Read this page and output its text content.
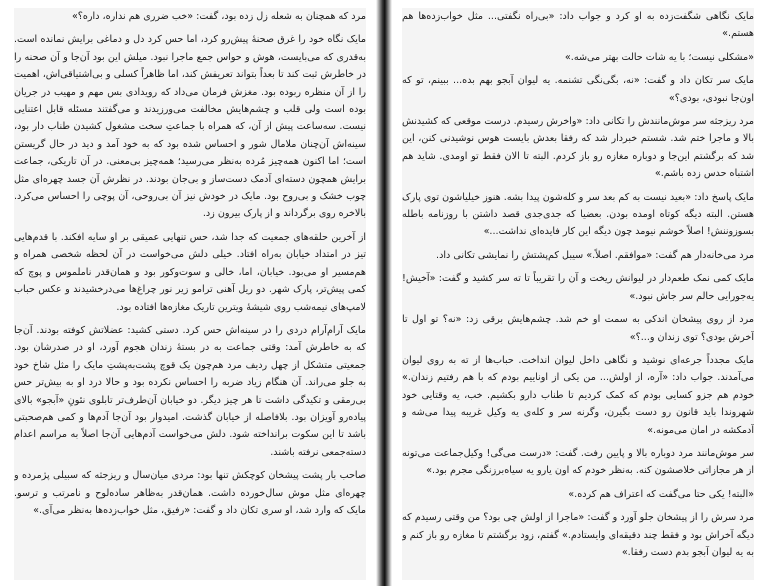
مرد که همچنان به شعله زل زده بود، گفت: «خب ضرری هم نداره، داره؟»

مایک نگاه خود را غرق صحنهٔ پیش‌رو کرد، اما حس کرد دل و دماغی برایش نمانده است. به‌قدری که می‌بایست، هوش و حواس جمع ماجرا نبود. میلش این بود آن‌جا و آن صحنه را در خاطرش ثبت کند تا بعداً بتواند تعریفش کند، اما ظاهراً کسلی و بی‌اشتیاقی‌اش، اهمیت را از آن منظره ربوده بود. مغزش فرمان می‌داد که رویدادی بس مهم و مهیب در جریان بوده است ولی قلب و چشم‌هایش مخالفت می‌ورزیدند و می‌گفتند مسئله قابل اعتنایی نیست. سه‌ساعت پیش از آن، که همراه با جماعتِ سخت مشغول کشیدن طناب دار بود، سینه‌اش آن‌چنان ملامال شور و احساس شده بود که به خود آمد و دید در حال گریستن است؛ اما اکنون همه‌چیز مُرده به‌نظر می‌رسید؛ همه‌چیز بی‌معنی. در آن تاریکی، جماعت برایش همچون دسته‌ای آدمک دست‌ساز و بی‌جان بودند. در نظرش آن جسد چهره‌ای مثل چوب خشک و بی‌روح بود. مایک در خودش نیز آن بی‌روحی، آن پوچی را احساس می‌کرد. بالاخره روی برگرداند و از پارک بیرون زد.

از آخرین حلقه‌های جمعیت که جدا شد، حس تنهایی عمیقی بر او سایه افکند. با قدم‌هایی تیز در امتداد خیابان به‌راه افتاد. خیلی دلش می‌خواست در آن لحظه شخصی همراه و هم‌مسیر او می‌بود. خیابان، اما، خالی و سوت‌وکور بود و همان‌قدر ناملموس و پوچ که کمی پیش‌تر، پارک شهر. دو ریل آهنی ترامو زیر نور چراغ‌ها می‌درخشیدند و عکس حباب لامپ‌های نیمه‌شب روی شیشه‌ٔ ویترین تاریک مغازه‌ها افتاده بود.

مایک آرام‌آرام دردی را در سینه‌اش حس کرد. دستی کشید: عضلاتش کوفته بودند. آن‌جا که به خاطرش آمد: وقتی جماعت به در بستهٔ زندان هجوم آورد، او در صدرشان بود. جمعیتی متشکل از چهل ردیف مرد هم‌چون یک قوچ پشت‌به‌پشتِ مایک را مثل شاخ خود به جلو می‌راند. آن هنگام زیاد ضربه را احساس نکرده بود و حالا درد او به بیش‌تر حس بی‌رمقی و تکیدگی داشت تا هر چیز دیگر. دو خیابان آن‌طرف‌تر تابلوی نئونِ «آبجو» بالای پیاده‌رو آویزان بود. بلافاصله از خیابان گذشت. امیدوار بود آن‌جا آدم‌ها و کمی هم‌صحبتی باشد تا این سکوت برانداخته شود. دلش می‌خواست آدم‌هایی آن‌جا اصلاً به مراسم اعدام دسته‌جمعی نرفته باشند.

صاحب بار پشت پیشخان کوچکش تنها بود: مردی میان‌سال و ریزجثه که سبیلی پژمرده و چهره‌ای مثل موش سال‌خورده داشت. همان‌قدر به‌ظاهر ساده‌لوح و نامرتب و ترسو. مایک که وارد شد، او سری تکان داد و گفت: «رفیق، مثل خواب‌زده‌ها به‌نظر می‌آی.»

مایک نگاهی شگفت‌زده به او کرد و جواب داد: «بی‌راه نگفتی... مثل خواب‌زده‌ها هم هستم.»

«مشکلی نیست؛ با یه شات حالت بهتر می‌شه.»

مایک سر تکان داد و گفت: «نه، بگی‌نگی تشنمه. یه لیوان آبجو بهم بده... ببینم، تو که اون‌جا نبودی، بودی؟»

مرد ریزجثه سر موش‌مانندش را تکانی داد: «واخرش رسیدم. درست موقعی که کشیدنش بالا و ماجرا ختم شد. شستم خبردار شد که رفقا بعدش بایست هوس نوشیدنی کنن، این شد که برگشتم این‌جا و دوباره مغازه رو باز کردم. البته تا الان فقط تو اومدی. شاید هم اشتباه حدس زده باشم.»

مایک پاسخ داد: «بعید نیست به کم بعد سر و کله‌شون پیدا بشه. هنوز خیلیاشون توی پارک هستن. البته دیگه کوتاه اومده بودن. بعضیا که جدی‌جدی قصد داشتن با روزنامه باطله بسوزوننش! اصلاً خوشم نیومد چون دیگه این کار فایده‌ای نداشت...»

مرد می‌خانه‌دار هم گفت: «موافقم. اصلاً.» سیبل کم‌پشتش را نمایشی تکانی داد.

مایک کمی نمک طعم‌دار در لیوانش ریخت و آن را تقریباً تا ته سر کشید و گفت: «آخیش! یه‌جورایی حالم سر جاش نبود.»

مرد از روی پیشخان اندکی به سمت او خم شد. چشم‌هایش برقی زد: «نه؟ تو اول تا آخرش بودی؟ توی زندان و...؟»

مایک مجدداً جرعه‌ای نوشید و نگاهی داخل لیوان انداخت. حباب‌ها از ته به روی لیوان می‌آمدند. جواب داد: «آره، از اولش... من یکی از اوناییم بودم که با هم رفتیم زندان.» خودم هم جزو کسایی بودم که کمک کردیم تا طناب دارو بکشیم. خب، یه وقتایی خود شهروندا باید قانون رو دست بگیرن، وگرنه سر و کله‌ی یه وکیل غریبه پیدا می‌شه و آدمکشه در امان می‌مونه.»

سر موش‌مانند مرد دوباره بالا و پایین رفت. گفت: «درست می‌گی! وکیل‌جماعت می‌تونه از هر مجازاتی خلاصشون کنه. به‌نظر خودم که اون یارو یه سیاه‌برزنگی مجرم بود.»

«البته! یکی حتا می‌گفت که اعتراف هم کرده.»

مرد سرش را از پیشخان جلو آورد و گفت: «ماجرا از اولش چی بود؟ من وقتی رسیدم که دیگه آخراش بود و فقط چند دقیقه‌ای وایستادم.» گفتم، زود برگشتم تا مغازه رو باز کنم و به یه لیوان آبجو بدم دست رفقا.»
